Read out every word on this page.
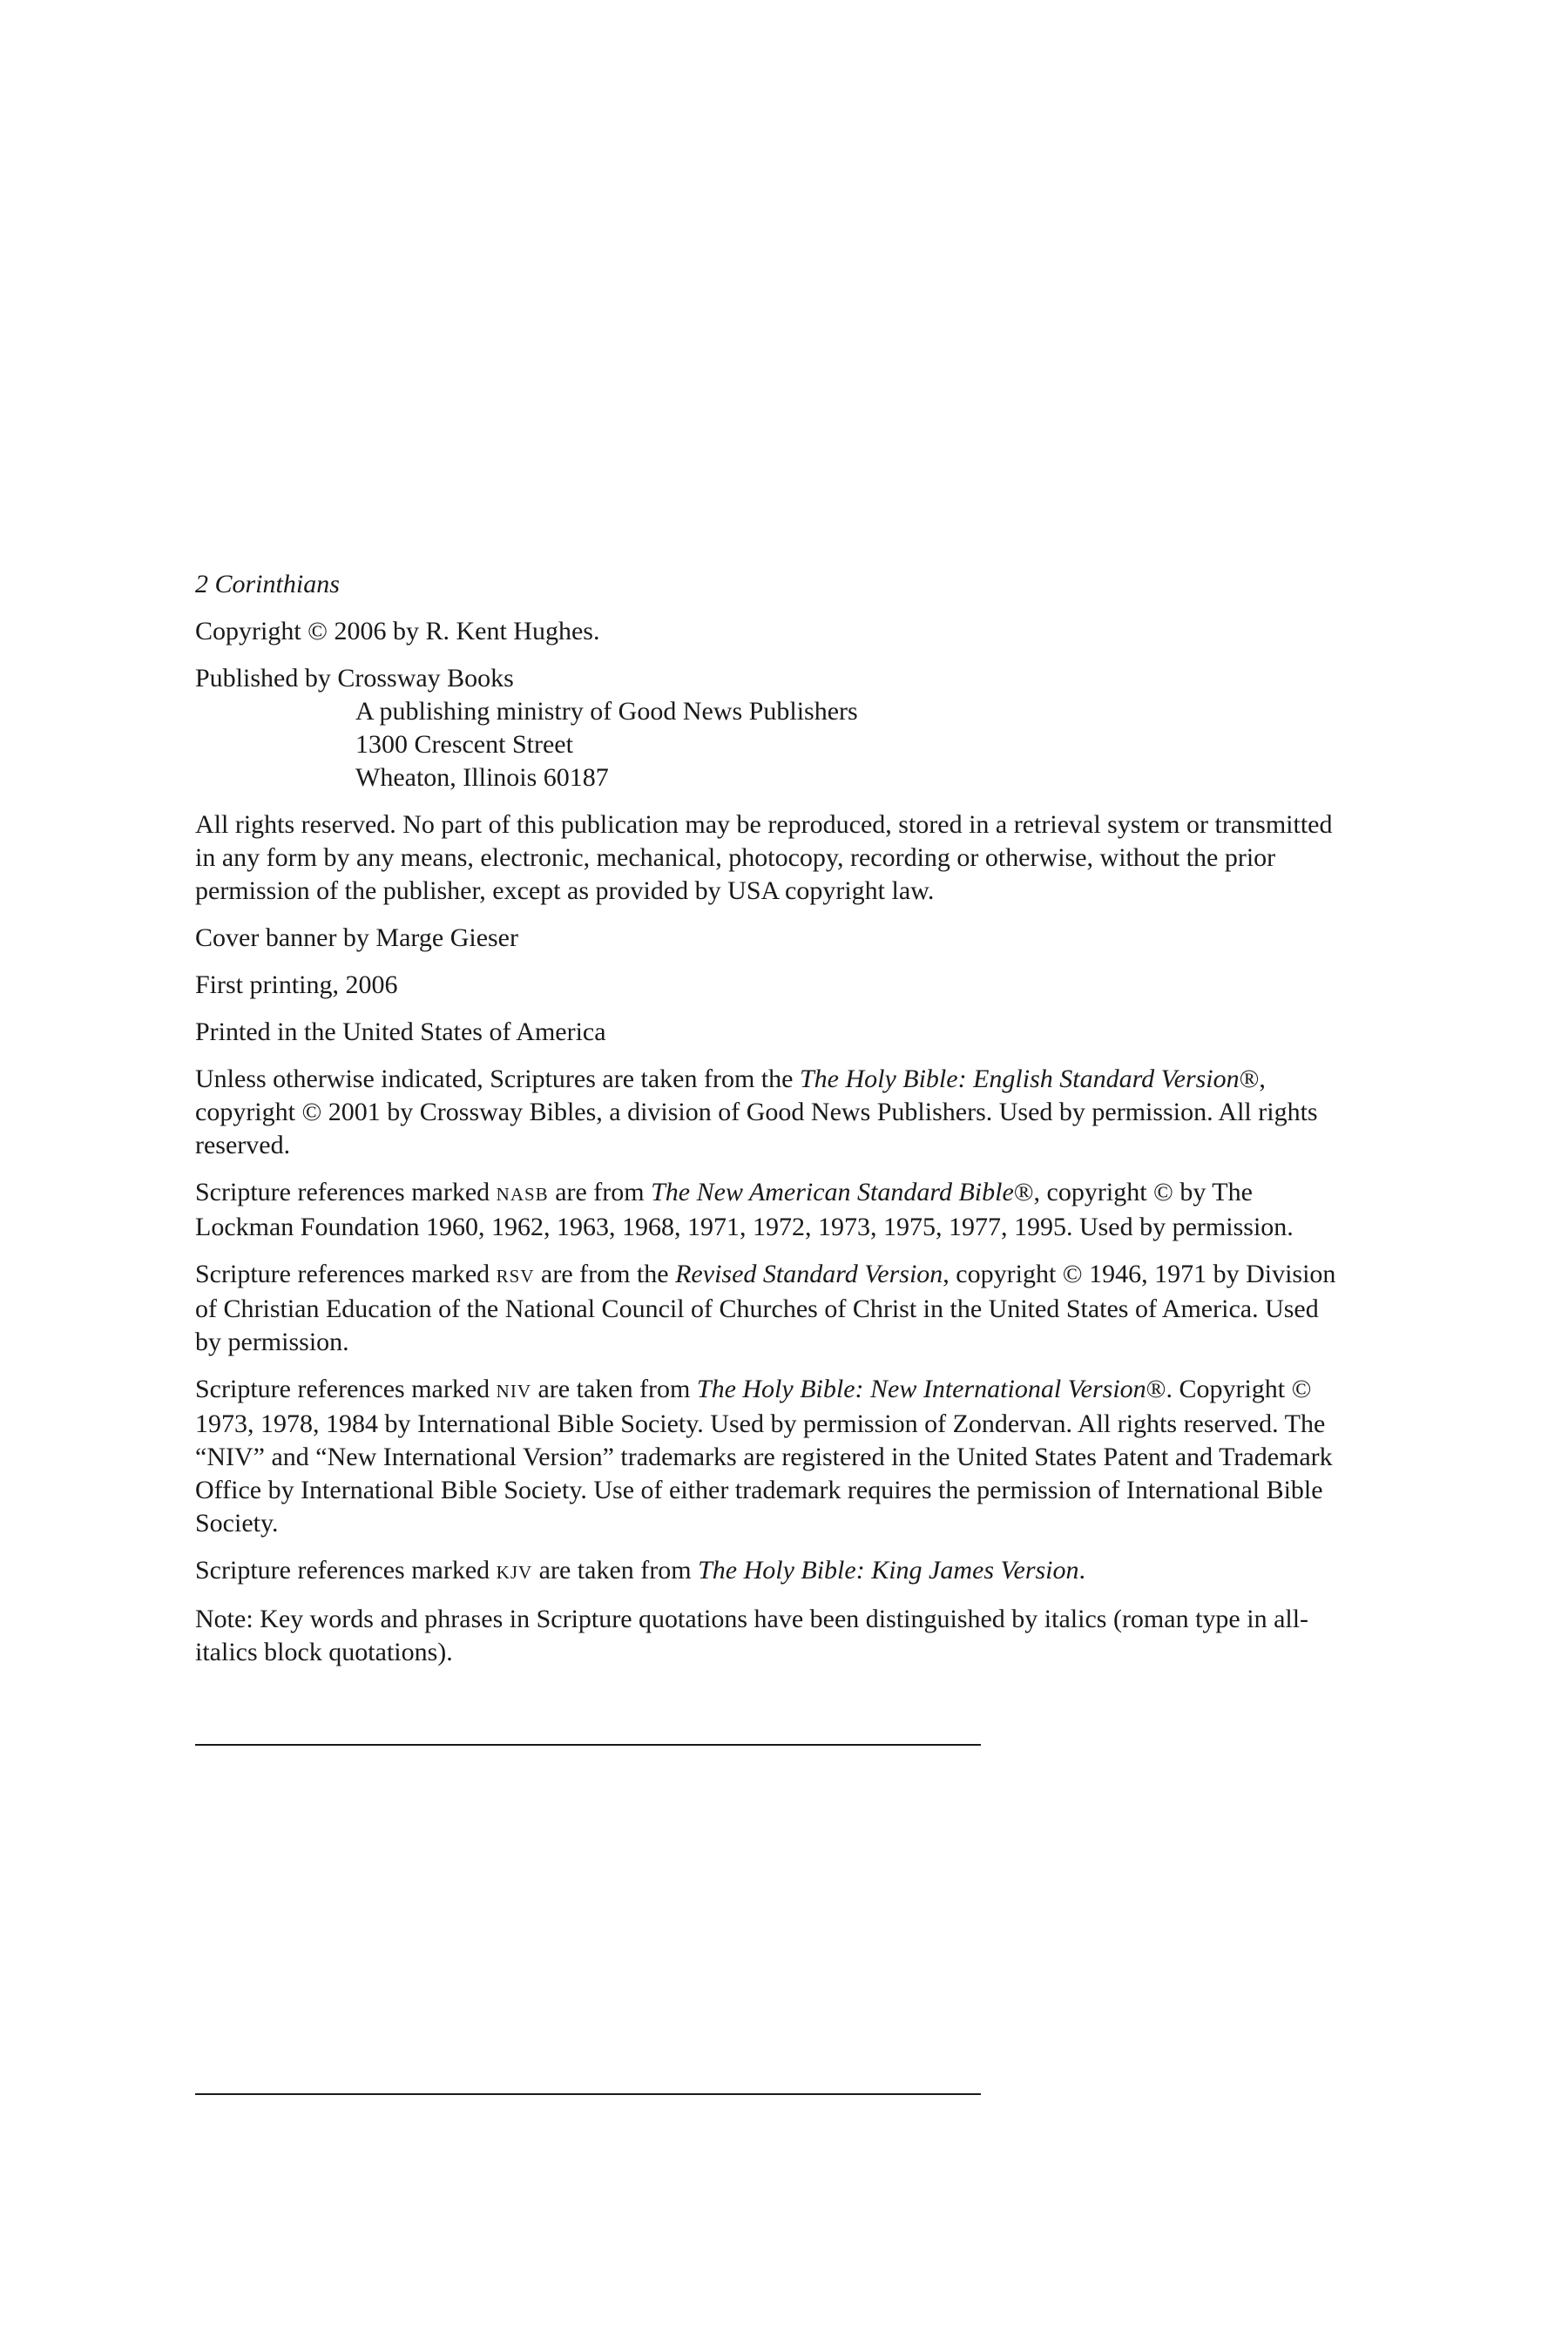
2 Corinthians

Copyright © 2006 by R. Kent Hughes.

Published by Crossway Books
A publishing ministry of Good News Publishers
1300 Crescent Street
Wheaton, Illinois 60187

All rights reserved. No part of this publication may be reproduced, stored in a retrieval system or transmitted in any form by any means, electronic, mechanical, photocopy, recording or otherwise, without the prior permission of the publisher, except as provided by USA copyright law.

Cover banner by Marge Gieser

First printing, 2006

Printed in the United States of America

Unless otherwise indicated, Scriptures are taken from the The Holy Bible: English Standard Version®, copyright © 2001 by Crossway Bibles, a division of Good News Publishers. Used by permission. All rights reserved.

Scripture references marked NASB are from The New American Standard Bible®, copyright © by The Lockman Foundation 1960, 1962, 1963, 1968, 1971, 1972, 1973, 1975, 1977, 1995. Used by permission.

Scripture references marked RSV are from the Revised Standard Version, copyright © 1946, 1971 by Division of Christian Education of the National Council of Churches of Christ in the United States of America. Used by permission.

Scripture references marked NIV are taken from The Holy Bible: New International Version®. Copyright © 1973, 1978, 1984 by International Bible Society. Used by permission of Zondervan. All rights reserved. The “NIV” and “New International Version” trademarks are registered in the United States Patent and Trademark Office by International Bible Society. Use of either trademark requires the permission of International Bible Society.

Scripture references marked KJV are taken from The Holy Bible: King James Version.

Note: Key words and phrases in Scripture quotations have been distinguished by italics (roman type in all-italics block quotations).
